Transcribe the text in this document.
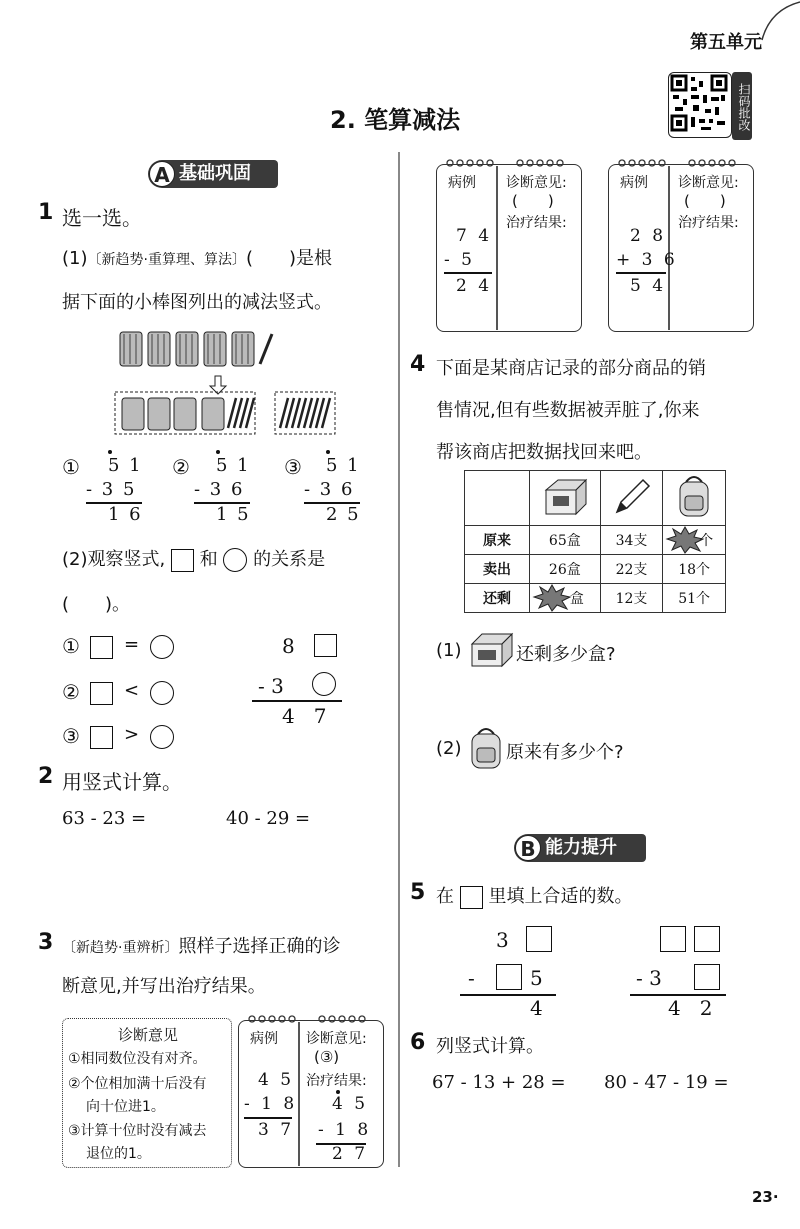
第五单元
扫码批改
2. 笔算减法
A 基础巩固
1 选一选。
(1)〔新趋势·重算理、算法〕(　　)是根
据下面的小棒图列出的减法竖式。
① 5 1
- 3 5
1 6
② 5 1
- 3 6
1 5
③ 5 1
- 3 6
2 5
(2)观察竖式, 和 的关系是
(　　)。
① =
② <
③ >
8
- 3
4   7
2 用竖式计算。
63 - 23 =	40 - 29 =
3 〔新趋势·重辨析〕照样子选择正确的诊
断意见,并写出治疗结果。
诊断意见
①相同数位没有对齐。
②个位相加满十后没有
向十位进1。
③计算十位时没有减去
退位的1。
病例 诊断意见:
(③)
治疗结果:
4 5
- 1 8
3 7
4 5
- 1 8
2 7
病例 诊断意见:
(　　)
治疗结果:
7 4
- 5
2 4
病例 诊断意见:
(　　)
治疗结果:
2 8
+ 3 6
5 4
4 下面是某商店记录的部分商品的销
售情况,但有些数据被弄脏了,你来
帮该商店把数据找回来吧。

原来	65盒	34支	个
卖出	26盒	22支	18个
还剩	盒	12支	51个
(1)	还剩多少盒?
(2) 原来有多少个?
B 能力提升
5 在 里填上合适的数。
3
-	5
4
- 3
4   2
6 列竖式计算。
67 - 13 + 28 = 80 - 47 - 19 =
23·
